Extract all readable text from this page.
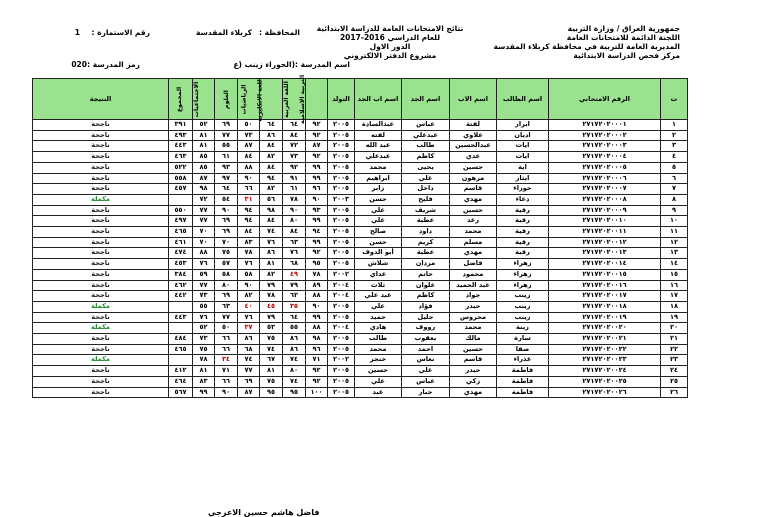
جمهورية العراق / وزارة التربية
اللجنة الدائمة للامتحانات العامة
المديرية العامة للتربية في محافظة كربلاء المقدسة
مركز فحص الدراسة الابتدائية
نتائج الامتحانات العامة للدراسة الابتدائية
للعام الدراسي 2016-2017
الدور الاول
مشروع الدفتر الالكتروني
المحافظة :
كربلاء المقدسة
رقم الاستمارة :
1
اسم المدرسة :
(الحوراء زينب (ع
رمز المدرسة :
020
ت	الرقم الامتحاني	اسم الطالب	اسم الاب	اسم الجد	اسم اب الجد	التولد	التربية الاسلامية	اللغة العربية	اللغة الانكليزية	الرياضيات	العلوم	الاجتماعيات	المجموع	النتيجة
١	٢٧١٧٢٠٢٠٠٠١	ابرار	لفتة	عباس	عبدالسادة	٢٠٠٥	٩٢	٦٤	٦٤	٥٠	٦٩	٥٢	٣٩١	ناجحة
٢	٢٧١٧٢٠٢٠٠٠٢	اديان	علاوي	عبدعلي	لفته	٢٠٠٥	٩٢	٨٤	٨٦	٧٣	٧٧	٨١	٤٩٣	ناجحة
٣	٢٧١٧٢٠٢٠٠٠٣	ايات	عبدالحسين	طالب	عبد الله	٢٠٠٥	٨٧	٧٢	٨٤	٨٧	٥٥	٨١	٤٤٣	ناجحة
٤	٢٧١٧٢٠٢٠٠٠٤	ايات	عدي	كاظم	عبدعلي	٢٠٠٥	٩٢	٧٣	٨٢	٨٤	٦١	٨٥	٤٦٣	ناجحة
٥	٢٧١٧٢٠٢٠٠٠٥	اية	حسين	يحيى	محمد	٢٠٠٥	٩٩	٩٢	٨٤	٨٨	٩٣	٨٥	٥٢٢	ناجحة
٦	٢٧١٧٢٠٢٠٠٠٦	ايثار	مرهون	علي	ابراهيم	٢٠٠٥	٩٩	٩١	٩٤	٩٠	٩٧	٨٧	٥٥٨	ناجحة
٧	٢٧١٧٢٠٢٠٠٠٧	حوراء	قاسم	داخل	زابر	٢٠٠٥	٩٦	٦١	٨٢	٦٦	٦٤	٩٨	٤٥٧	ناجحة
٨	٢٧١٧٢٠٢٠٠٠٨	دعاء	مهدي	فليح	حسن	٢٠٠٣	٩٠	٧٨	٥٦	٣١	٥٤	٧٢		مكملة
٩	٢٧١٧٢٠٢٠٠٠٩	رقية	حسين	شريف	علي	٢٠٠٥	٩٣	٩٠	٩٨	٩٤	٩٠	٧٧	٥٥٠	ناجحة
١٠	٢٧١٧٢٠٢٠٠١٠	رقية	رعد	عطية	علي	٢٠٠٥	٩٩	٨٠	٨٤	٩٤	٦٩	٧٧	٤٩٧	ناجحة
١١	٢٧١٧٢٠٢٠٠١١	رقية	محمد	داود	صالح	٢٠٠٥	٩٤	٨٤	٧٤	٨٤	٦٩	٧٠	٤٦٥	ناجحة
١٢	٢٧١٧٢٠٢٠٠١٢	رقية	مسلم	كريم	حسن	٢٠٠٥	٩٩	٦٣	٧٦	٨٣	٧٠	٧٠	٤٦١	ناجحة
١٣	٢٧١٧٢٠٢٠٠١٣	رقية	مهدي	عطية	أبو الدوف	٢٠٠٥	٩٢	٧٦	٨٦	٧٨	٧٥	٨٨	٤٧٤	ناجحة
١٤	٢٧١٧٢٠٢٠٠١٤	زهراء	فاضل	مردان	شلاش	٢٠٠٥	٩٥	٦٨	٨١	٧٦	٥٧	٧٦	٤٥٣	ناجحة
١٥	٢٧١٧٢٠٢٠٠١٥	زهراء	محمود	حاتم	عداي	٢٠٠٢	٧٨	٤٩	٨٢	٥٨	٥٨	٥٩	٣٨٤	ناجحة
١٦	٢٧١٧٢٠٢٠٠١٦	زهراء	عبد الحميد	علوان	ثلاث	٢٠٠٤	٨٩	٧٩	٧٩	٩٠	٨٠	٧٧	٤٦٢	ناجحة
١٧	٢٧١٧٢٠٢٠٠١٧	زينب	جواد	كاظم	عبد علي	٢٠٠٤	٨٨	٦٢	٧٨	٨٢	٦٩	٧٣	٤٤٢	ناجحة
١٨	٢٧١٧٢٠٢٠٠١٨	زينب	حيدر	فؤاد	علي	٢٠٠٥	٩٠	٣٥	٤٥	٤٠	٦٣	٥٥		مكملة
١٩	٢٧١٧٢٠٢٠٠١٩	زينب	محروس	جليل	حميد	٢٠٠٥	٩٩	٦٤	٧٩	٧٦	٧٧	٧٦	٤٤٣	ناجحة
٢٠	٢٧١٧٢٠٢٠٠٢٠	زينة	محمد	رووف	هادي	٢٠٠٤	٨٨	٥٥	٥٣	٣٧	٥٠	٥٢		مكملة
٢١	٢٧١٧٢٠٢٠٠٢١	سارة	مالك	يعقوب	طالب	٢٠٠٥	٩٨	٨٦	٧٥	٨٦	٦٦	٧٣	٤٨٤	ناجحة
٢٢	٢٧١٧٢٠٢٠٠٢٢	صفا	حسين	احمد	محمد	٢٠٠٥	٩٦	٨٦	٧٤	٦٨	٦٦	٧٥	٤٦٥	ناجحة
٢٣	٢٧١٧٢٠٢٠٠٢٣	عذراء	قاسم	نعاس	خنجر	٢٠٠٢	٧١	٧٤	٦٧	٧٤	٣٤	٧٨		مكملة
٢٤	٢٧١٧٢٠٢٠٠٢٤	فاطمة	حيدر	علي	حسين	٢٠٠٥	٩٢	٨٠	٨١	٧٧	٧١	٨١	٤١٢	ناجحة
٢٥	٢٧١٧٢٠٢٠٠٢٥	فاطمة	زكي	عباس	علي	٢٠٠٥	٩٢	٧٤	٧٥	٦٩	٦٦	٨٣	٤٦٤	ناجحة
٢٦	٢٧١٧٢٠٢٠٠٢٦	فاطمة	مهدي	جبار	عبد	٢٠٠٥	١٠٠	٩٥	٩٥	٨٧	٩٠	٩٩	٥٦٧	ناجحة
فاضل هاشم حسين الاعرجي
